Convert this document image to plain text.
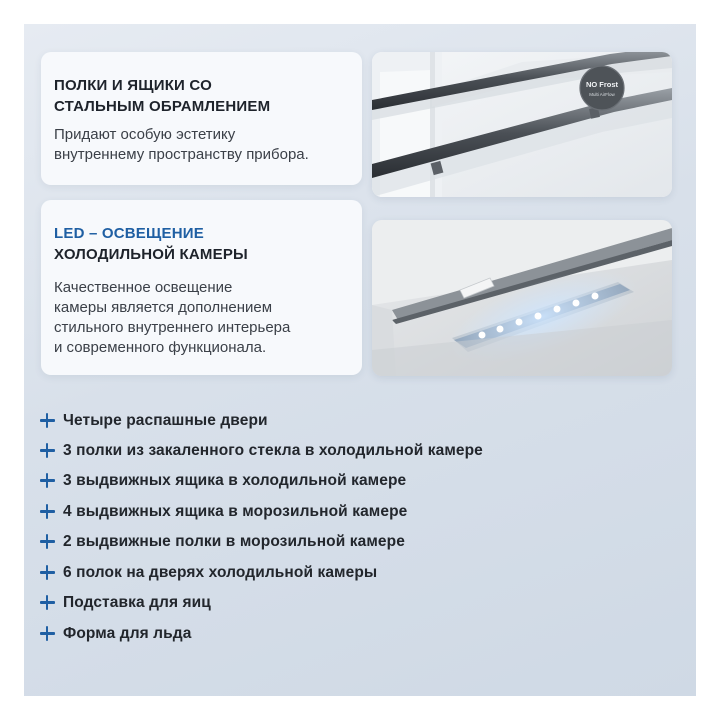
ПОЛКИ И ЯЩИКИ СО
СТАЛЬНЫМ ОБРАМЛЕНИЕМ
Придают особую эстетику
внутреннему пространству прибора.
NO Frost
Multi AirFlow
LED – ОСВЕЩЕНИЕ
ХОЛОДИЛЬНОЙ КАМЕРЫ
Качественное освещение
камеры является дополнением
стильного внутреннего интерьера
и современного функционала.
Четыре распашные двери
3 полки из закаленного стекла в холодильной камере
3 выдвижных ящика в холодильной камере
4 выдвижных ящика в морозильной камере
2 выдвижные полки в морозильной камере
6 полок на дверях холодильной камеры
Подставка для яиц
Форма для льда
